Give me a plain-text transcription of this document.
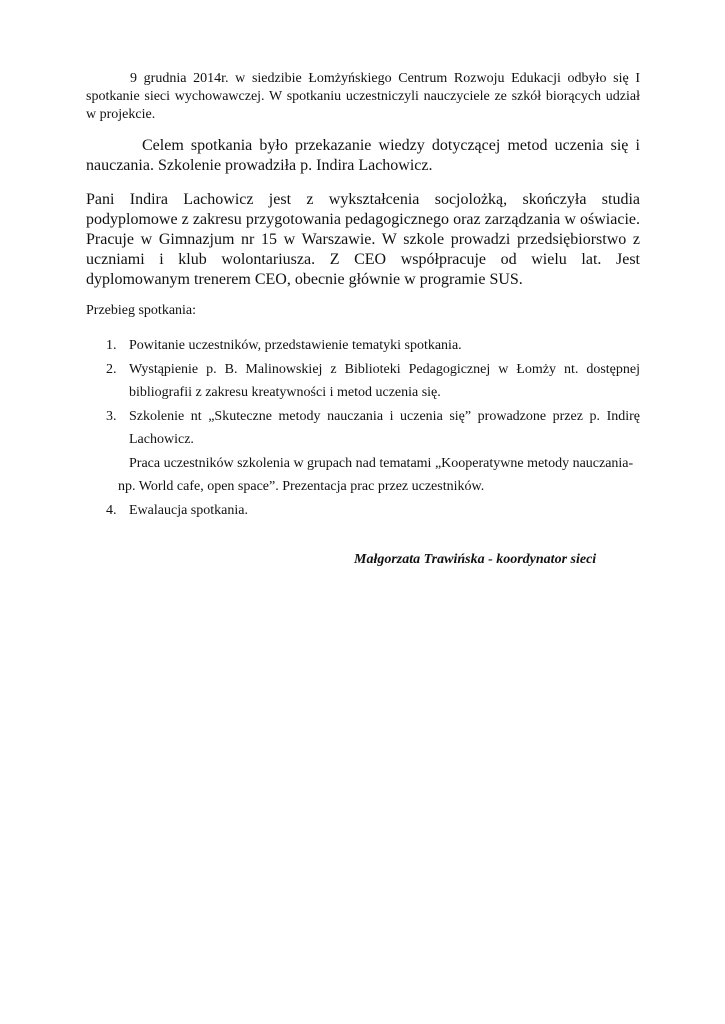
9 grudnia 2014r. w siedzibie Łomżyńskiego Centrum Rozwoju Edukacji odbyło się I spotkanie sieci wychowawczej. W spotkaniu uczestniczyli nauczyciele ze szkół biorących udział w projekcie.

Celem spotkania było przekazanie wiedzy dotyczącej metod uczenia się i nauczania. Szkolenie prowadziła p. Indira Lachowicz.

Pani Indira Lachowicz jest z wykształcenia socjolożką, skończyła studia podyplomowe z zakresu przygotowania pedagogicznego oraz zarządzania w oświacie. Pracuje w Gimnazjum nr 15 w Warszawie. W szkole prowadzi przedsiębiorstwo z uczniami i klub wolontariusza. Z CEO współpracuje od wielu lat. Jest dyplomowanym trenerem CEO, obecnie głównie w programie SUS.

Przebieg spotkania:

1. Powitanie uczestników, przedstawienie tematyki spotkania.
2. Wystąpienie p. B. Malinowskiej z Biblioteki Pedagogicznej w Łomży nt. dostępnej bibliografii z zakresu kreatywności i metod uczenia się.
3. Szkolenie nt „Skuteczne metody nauczania i uczenia się” prowadzone przez p. Indirę Lachowicz.
Praca uczestników szkolenia w grupach nad tematami „Kooperatywne metody nauczania-
np. World cafe, open space”. Prezentacja prac przez uczestników.
4. Ewalaucja spotkania.
Małgorzata Trawińska - koordynator sieci
